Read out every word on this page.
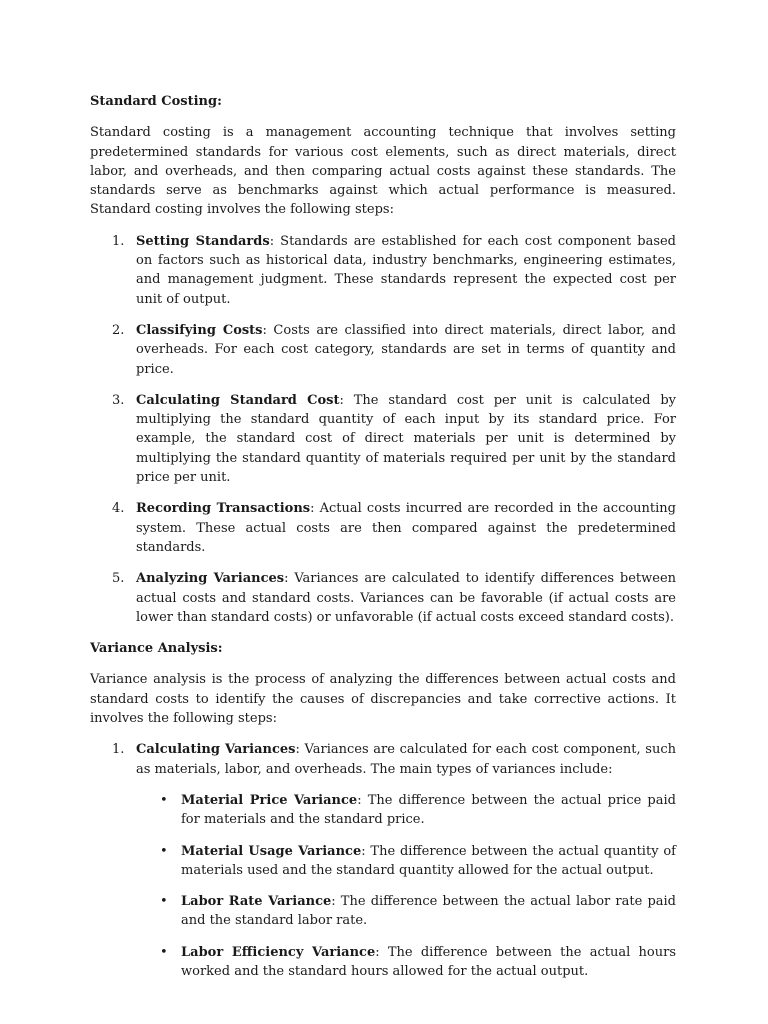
Standard Costing:
Standard costing is a management accounting technique that involves setting predetermined standards for various cost elements, such as direct materials, direct labor, and overheads, and then comparing actual costs against these standards. The standards serve as benchmarks against which actual performance is measured. Standard costing involves the following steps:
1. Setting Standards: Standards are established for each cost component based on factors such as historical data, industry benchmarks, engineering estimates, and management judgment. These standards represent the expected cost per unit of output.
2. Classifying Costs: Costs are classified into direct materials, direct labor, and overheads. For each cost category, standards are set in terms of quantity and price.
3. Calculating Standard Cost: The standard cost per unit is calculated by multiplying the standard quantity of each input by its standard price. For example, the standard cost of direct materials per unit is determined by multiplying the standard quantity of materials required per unit by the standard price per unit.
4. Recording Transactions: Actual costs incurred are recorded in the accounting system. These actual costs are then compared against the predetermined standards.
5. Analyzing Variances: Variances are calculated to identify differences between actual costs and standard costs. Variances can be favorable (if actual costs are lower than standard costs) or unfavorable (if actual costs exceed standard costs).
Variance Analysis:
Variance analysis is the process of analyzing the differences between actual costs and standard costs to identify the causes of discrepancies and take corrective actions. It involves the following steps:
1. Calculating Variances: Variances are calculated for each cost component, such as materials, labor, and overheads. The main types of variances include:
• Material Price Variance: The difference between the actual price paid for materials and the standard price.
• Material Usage Variance: The difference between the actual quantity of materials used and the standard quantity allowed for the actual output.
• Labor Rate Variance: The difference between the actual labor rate paid and the standard labor rate.
• Labor Efficiency Variance: The difference between the actual hours worked and the standard hours allowed for the actual output.
